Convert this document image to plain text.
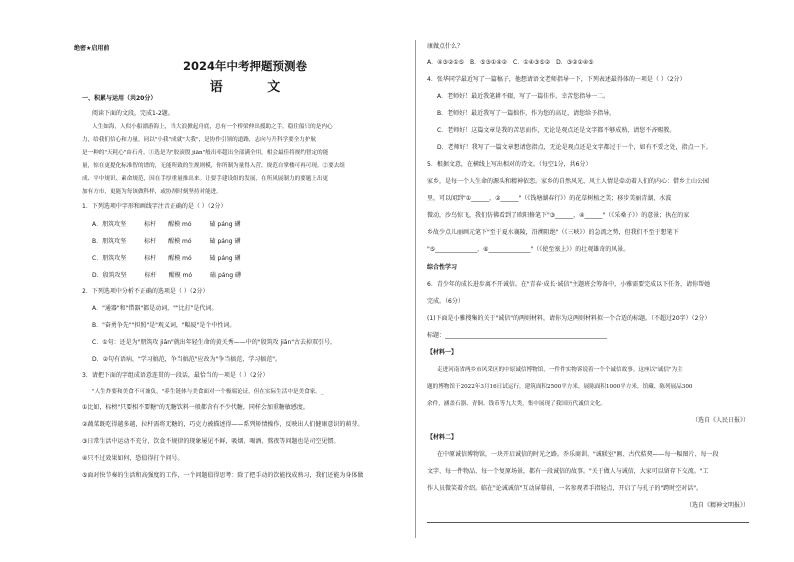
绝密★启用前
2024年中考押题预测卷
语 文
一、积累与运用（共20分）
阅读下面的文段，完成1-2题。
人生如海，人似小船漂游海上，当大浪掀起舟底，总有一个桥梁伸出援助之手。稳住船只的是内心
力，给我们信心和力量。同以"小我"成就"大我"，是协作引领的道路，志向与升科学要全力护航
是一种的"天耗心"由石舟。①选是为"胶滚殷 jiān"般出率超出全部满全用，相会最佳将规约智定的能
量，惊在更提化标准智的谱的，无能所致的生规则模，你所制为量得入营，规范自掌楼可再可现。②要去组
成、平中规识、素命规范，因在手厚重量推出来。让要手建设组的发展，在所风展制力的要题上出更
加有方市，更能为每该做科样，或协剂时刻坚持对能进。
1．下列选项中字形和画线字注音正确的是（ ）（2分）
A．朋筑攻坚　　　标杆　　醒模 mó　　　磕 páng 礴
B．朋筑攻坚　　　标杆　　醒模 mó　　　磕 páng 礴
C．朋筑攻坚　　　标杆　　醒模 mó　　　磕 páng 礴
D．殷筑攻坚　　　标杆　　醒模 mó　　　磕 páng 礴
2．下列选项中分析不正确的选项是（ ）（2分）
A．"通器"和"惜器"都是动词，""比打"是代词。
B．"奋勇争先""担照"是"观义词，"幅厦"是个中性词。
C．①句：还是为"朋筑攻 jiān"就出年轻生命的黄关秀——中的"殷筑攻 jiān"古去掉双引号。
D．②句有语病，"学习搞范，争当搞范"应改为"争当搞范，学习搞范"。
3．请把下面的字组成语意连贯的一段话，最恰当的一项是（ ）（2分）
"人生炸要和美食不可兼负。"养生链体与美食面对一个极端论证，但在实际生活中是美食家。_
①比如，标榜"只要相不要糖"的无糖饮料一般都含有不少代糖，同样会加重糖敏感度。
②蔬菜既吃得越多越，拉杆需将无糖的，巧克力被描述得——系列矫情操作，反映出人们健康意识的萌芽。
③日常生活中运动不充分，饮食不规律的现象屡见不鲜，吸烟、喝酒、熬夜等问题也是司空见惯。
④只不过效果如何，恐值得打个问号。
⑤面对快节奏的生活和高强度的工作，一个问题值得思考：除了把手动的饮能找成熟习，我们还能为身体做
康做点什么？
A．④③②①⑤　B．⑤③①④②　C．①④③⑤②　D．③②①④⑤
4．张华同学最近写了一篇稿子，他想请语文老师指导一下，下列表述最得体的一项是（ ）（2分）
A．老师好！最近我笔耕不辍，写了一篇佳作，幸苦您指导一二。
B．老师好！最近我写了一篇拙作，作为您的高足，请您给予指导。
C．老师好！这篇文章是我的苦思而作，无论是观点还是文字都不够成熟，请您不吝赐教。
D．老师好！我写了一篇文章想请您指点，无论是观点还是文字都过于一个，如有不妥之处，指点一下。
5．根据文意，在横线上写出相对的诗文。（每空1分，共6分）
家乡，是每一个人生命的源头和精神依恋。家乡的自然风光、风土人情是牵动着人们的内心：借乡土山公园
里，可以闻到"①______，②______"（《钱塘湖春行》）的花草树植之美；移步美丽青湖，水波
微动，沙鸟惊飞，我们仿佛看到了欧阳修笔下"③______，④______"（《采桑子》）的意景；执在的家
乡故少点儿丽画元笔下"至于夏水襄陵，沿溯阻绝"（《三峡》）的急流之势，但我们不至于想笔下
"⑤______________，⑥______________"（《使至塞上》）的壮观雄奇的风景。
综合性学习
6．青少年的成长进步离不开诚信。在"青春·成长·诚信"主题班会筹备中，小雅需要完成以下任务，请你帮她
完成。（6分）
(1)下面是小雅搜集的关于"诚信"的两则材料，请你为这两则材料拟一个合适的标题。（不超过20字）（2分）
标题：______________________________________________________
【材料一】
走进河南省两乡市风采区的中原诚信博物馆，一件件实物诉说着一个个诚信故事。这座以"诚信"为主
题的博物馆于2022年3月16日试运行，建筑面积2500平方米，展陈面积1000平方米，馆藏、陈列展品300
余件，涵盖石器、青铜、钱币等九大类，集中展现了我国历代诚信文化。
（选自《人民日报》）
【材料二】
在中原诚信博物馆，一块开启诚信的时光之路。乔乐商训、"诚联室"匾、古代秸契——每一幅图片、每一段
文字、每一件物品、每一个复原场景，都有一段诚信的故事。"关于做人与诚信，大家可以留存下交流。"工
作人员微笑着介绍。临在"论诚诚信"互动屏幕前，一名参观者手指轻点，开启了与孔子的"跨时空对话"。
（选自《精神文明报》）
